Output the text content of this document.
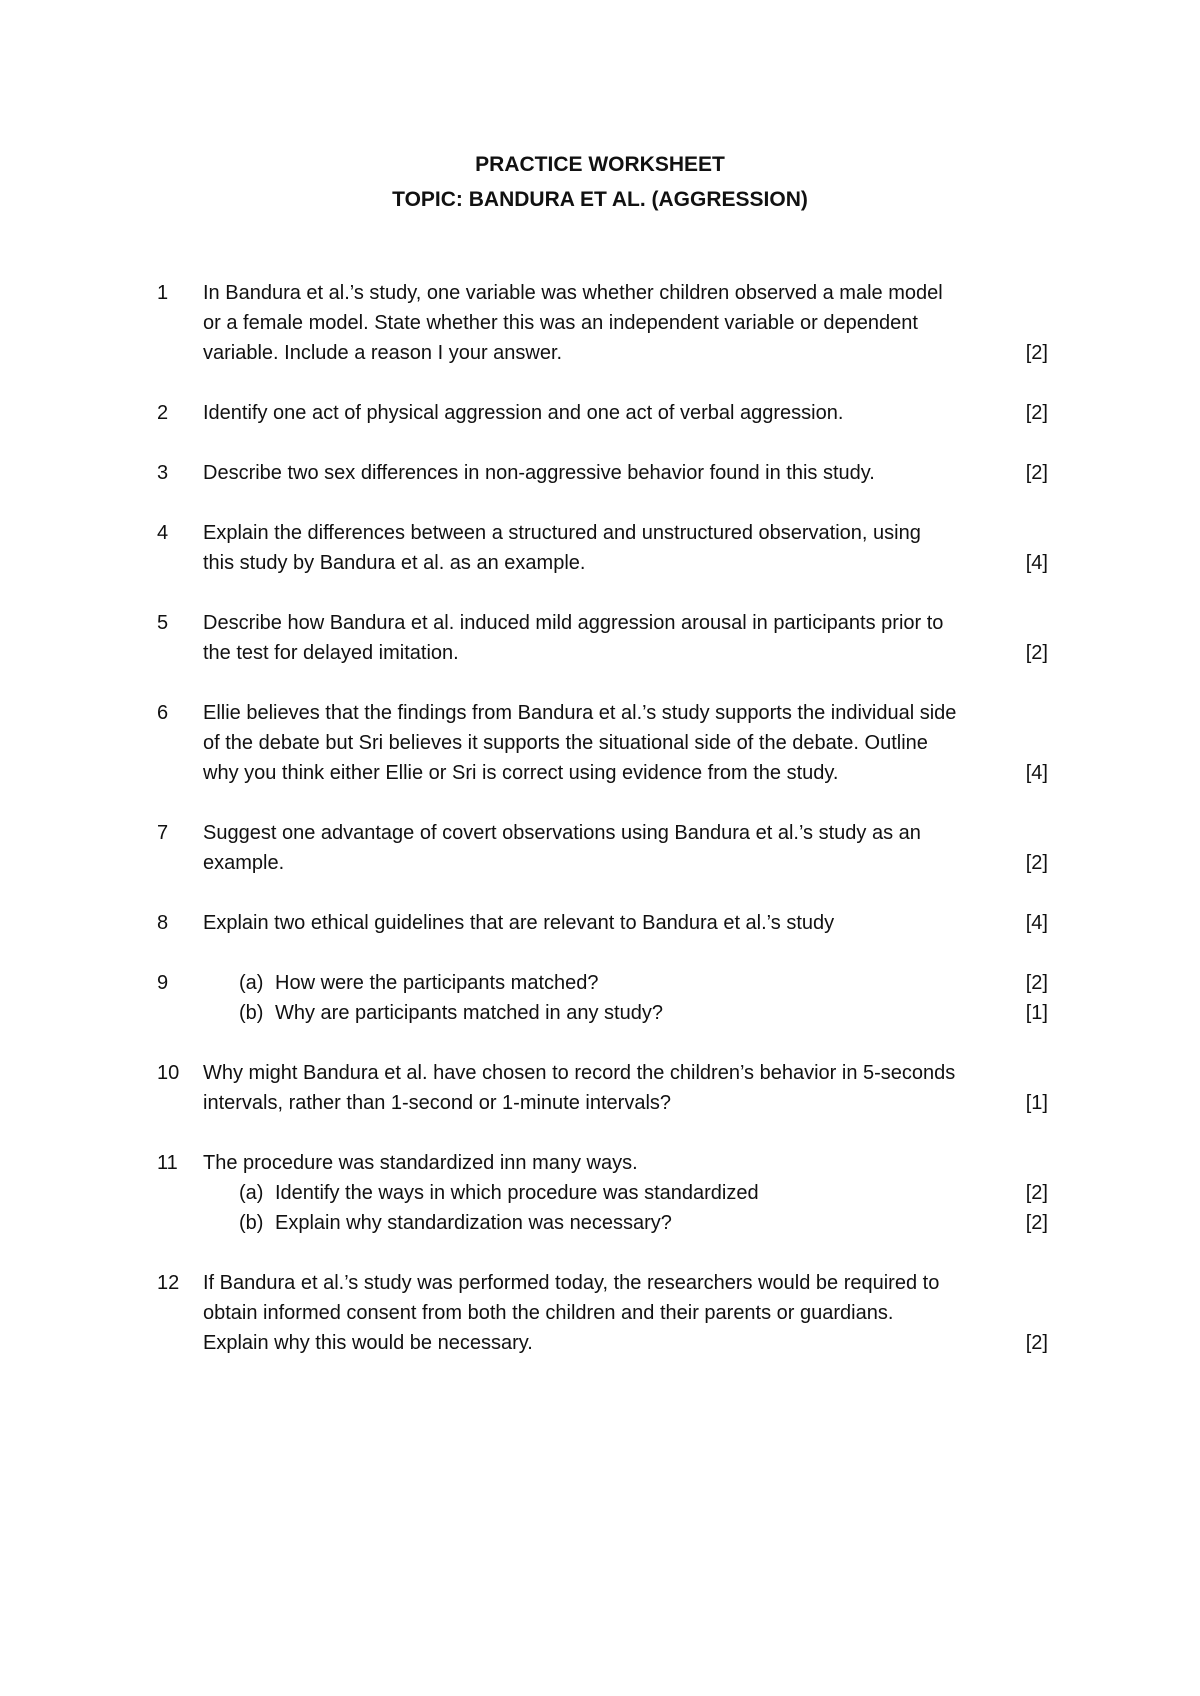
PRACTICE WORKSHEET
TOPIC: BANDURA ET AL. (AGGRESSION)
1	In Bandura et al.’s study, one variable was whether children observed a male model
or a female model. State whether this was an independent variable or dependent
variable. Include a reason I your answer.	[2]
2	Identify one act of physical aggression and one act of verbal aggression.	[2]
3	Describe two sex differences in non-aggressive behavior found in this study.	[2]
4	Explain the differences between a structured and unstructured observation, using
this study by Bandura et al. as an example.	[4]
5	Describe how Bandura et al. induced mild aggression arousal in participants prior to
the test for delayed imitation.	[2]
6	Ellie believes that the findings from Bandura et al.’s study supports the individual side
of the debate but Sri believes it supports the situational side of the debate. Outline
why you think either Ellie or Sri is correct using evidence from the study.	[4]
7	Suggest one advantage of covert observations using Bandura et al.’s study as an
example.	[2]
8	Explain two ethical guidelines that are relevant to Bandura et al.’s study	[4]
9	(a) How were the participants matched?	[2]
(b) Why are participants matched in any study?	[1]
10	Why might Bandura et al. have chosen to record the children’s behavior in 5-seconds
intervals, rather than 1-second or 1-minute intervals?	[1]
11	The procedure was standardized inn many ways.
(a) Identify the ways in which procedure was standardized	[2]
(b) Explain why standardization was necessary?	[2]
12	If Bandura et al.’s study was performed today, the researchers would be required to
obtain informed consent from both the children and their parents or guardians.
Explain why this would be necessary.	[2]
